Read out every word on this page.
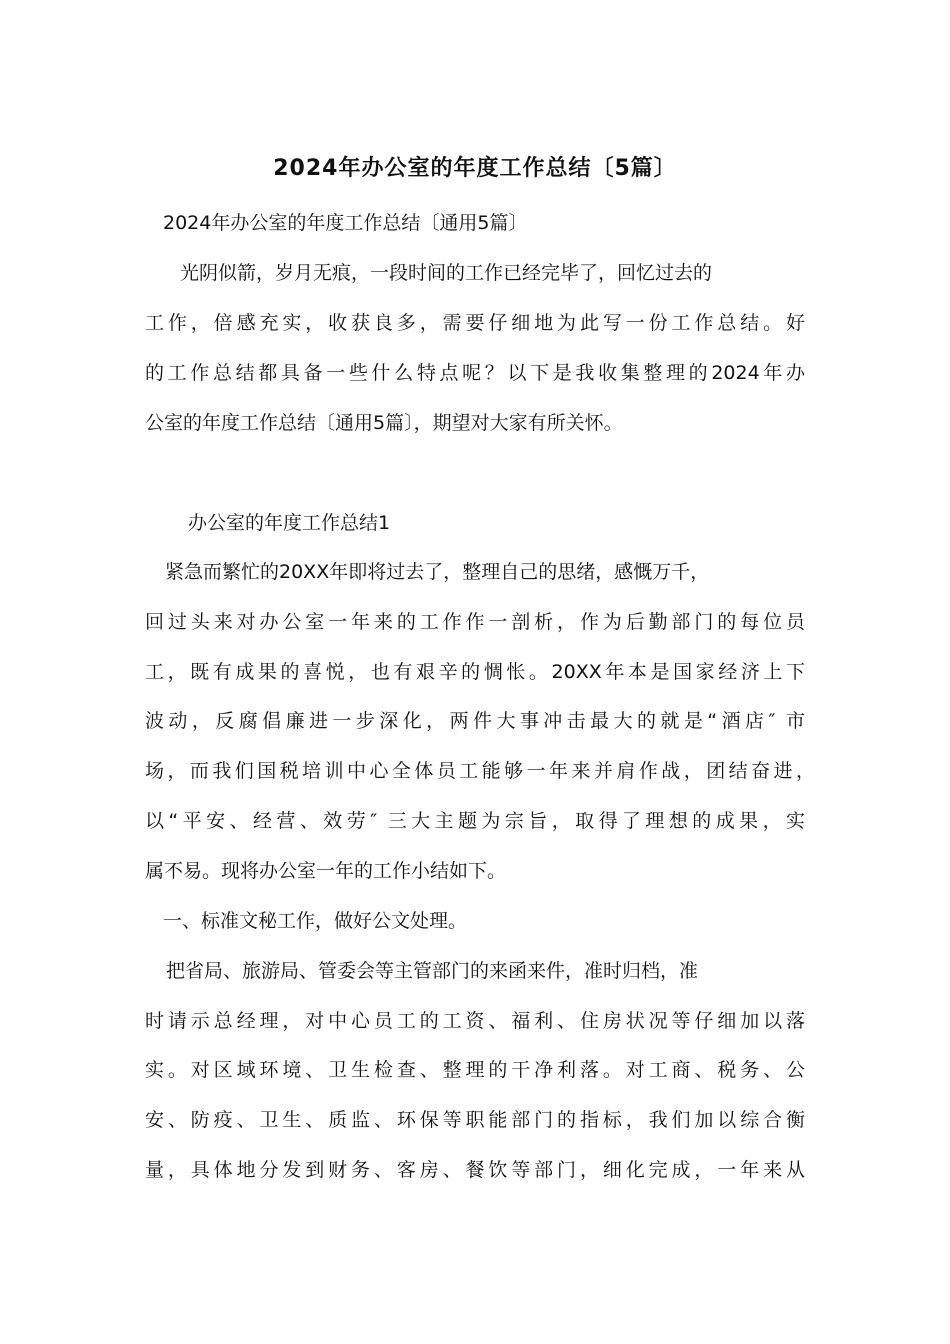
2024年办公室的年度工作总结〔5篇〕
2024年办公室的年度工作总结〔通用5篇〕
光阴似箭，岁月无痕，一段时间的工作已经完毕了，回忆过去的
工作，倍感充实，收获良多，需要仔细地为此写一份工作总结。好
的工作总结都具备一些什么特点呢？以下是我收集整理的2024年办
公室的年度工作总结〔通用5篇〕，期望对大家有所关怀。
办公室的年度工作总结1
紧急而繁忙的20XX年即将过去了，整理自己的思绪，感慨万千，
回过头来对办公室一年来的工作作一剖析，作为后勤部门的每位员
工，既有成果的喜悦，也有艰辛的惆怅。20XX年本是国家经济上下
波动，反腐倡廉进一步深化，两件大事冲击最大的就是“酒店″ 市
场，而我们国税培训中心全体员工能够一年来并肩作战，团结奋进，
以“平安、经营、效劳″ 三大主题为宗旨，取得了理想的成果，实
属不易。现将办公室一年的工作小结如下。
一、标准文秘工作，做好公文处理。
把省局、旅游局、管委会等主管部门的来函来件，准时归档，准
时请示总经理，对中心员工的工资、福利、住房状况等仔细加以落
实。对区域环境、卫生检查、整理的干净利落。对工商、税务、公
安、防疫、卫生、质监、环保等职能部门的指标，我们加以综合衡
量，具体地分发到财务、客房、餐饮等部门，细化完成，一年来从
